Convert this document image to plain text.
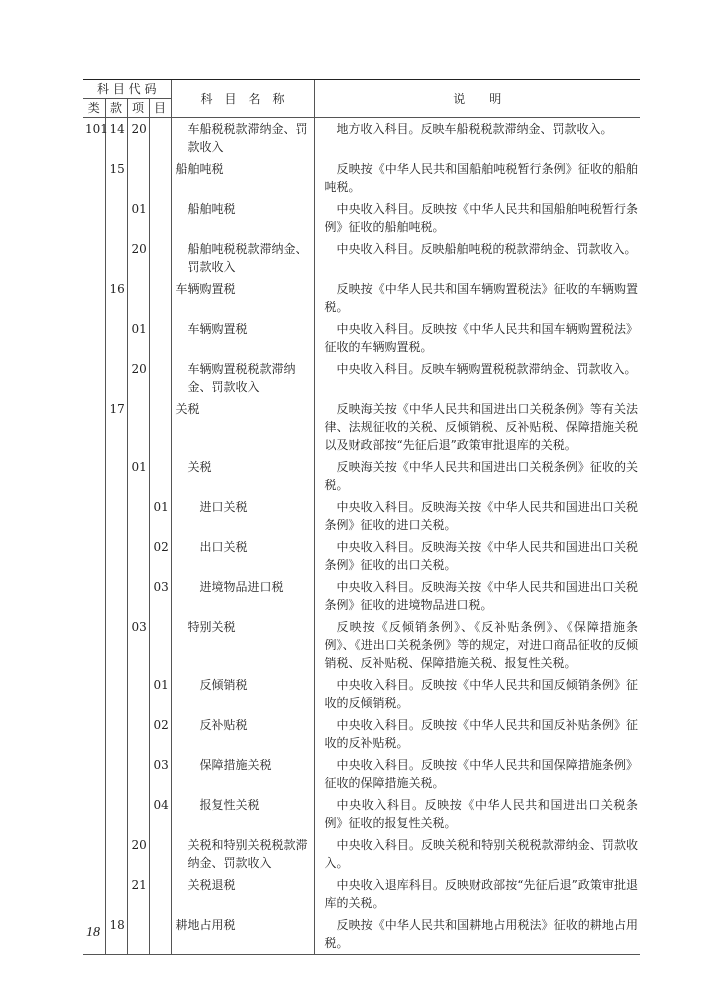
科 目 代 码				科　目　名　称	说　　明
类	款	项	目		
101	14	20		车船税税款滞纳金、罚款收入	地方收入科目。反映车船税税款滞纳金、罚款收入。

	15			船舶吨税	反映按《中华人民共和国船舶吨税暂行条例》征收的船舶吨税。

		01		船舶吨税	中央收入科目。反映按《中华人民共和国船舶吨税暂行条例》征收的船舶吨税。

		20		船舶吨税税款滞纳金、罚款收入	中央收入科目。反映船舶吨税的税款滞纳金、罚款收入。

	16			车辆购置税	反映按《中华人民共和国车辆购置税法》征收的车辆购置税。

		01		车辆购置税	中央收入科目。反映按《中华人民共和国车辆购置税法》征收的车辆购置税。

		20		车辆购置税税款滞纳金、罚款收入	中央收入科目。反映车辆购置税税款滞纳金、罚款收入。

	17			关税	反映海关按《中华人民共和国进出口关税条例》等有关法律、法规征收的关税、反倾销税、反补贴税、保障措施关税以及财政部按“先征后退”政策审批退库的关税。

		01		关税	反映海关按《中华人民共和国进出口关税条例》征收的关税。

			01	进口关税	中央收入科目。反映海关按《中华人民共和国进出口关税条例》征收的进口关税。

			02	出口关税	中央收入科目。反映海关按《中华人民共和国进出口关税条例》征收的出口关税。

			03	进境物品进口税	中央收入科目。反映海关按《中华人民共和国进出口关税条例》征收的进境物品进口税。

		03		特别关税	反映按《反倾销条例》、《反补贴条例》、《保障措施条例》、《进出口关税条例》等的规定，对进口商品征收的反倾销税、反补贴税、保障措施关税、报复性关税。

			01	反倾销税	中央收入科目。反映按《中华人民共和国反倾销条例》征收的反倾销税。

			02	反补贴税	中央收入科目。反映按《中华人民共和国反补贴条例》征收的反补贴税。

			03	保障措施关税	中央收入科目。反映按《中华人民共和国保障措施条例》征收的保障措施关税。

			04	报复性关税	中央收入科目。反映按《中华人民共和国进出口关税条例》征收的报复性关税。

		20		关税和特别关税税款滞纳金、罚款收入	中央收入科目。反映关税和特别关税税款滞纳金、罚款收入。

		21		关税退税	中央收入退库科目。反映财政部按“先征后退”政策审批退库的关税。

	18			耕地占用税	反映按《中华人民共和国耕地占用税法》征收的耕地占用税。
18
